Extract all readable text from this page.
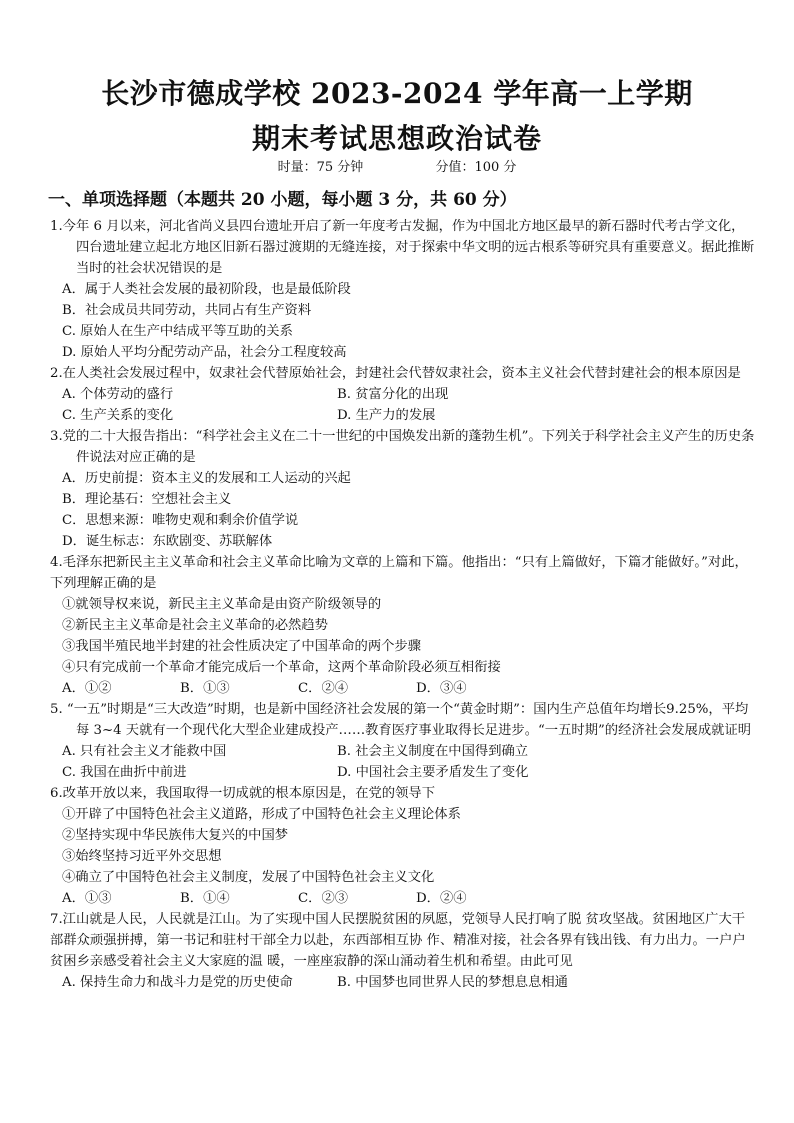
长沙市德成学校 2023-2024 学年高一上学期
期末考试思想政治试卷
时量：75 分钟	分值：100 分
一、单项选择题（本题共 20 小题，每小题 3 分，共 60 分）

1.今年 6 月以来，河北省尚义县四台遗址开启了新一年度考古发掘，作为中国北方地区最早的新石器时代考古学文化，四台遗址建立起北方地区旧新石器过渡期的无缝连接，对于探索中华文明的远古根系等研究具有重要意义。据此推断当时的社会状况错误的是

A．属于人类社会发展的最初阶段，也是最低阶段

B．社会成员共同劳动，共同占有生产资料

C. 原始人在生产中结成平等互助的关系

D. 原始人平均分配劳动产品，社会分工程度较高

2.在人类社会发展过程中，奴隶社会代替原始社会，封建社会代替奴隶社会，资本主义社会代替封建社会的根本原因是

A. 个体劳动的盛行	B. 贫富分化的出现
C. 生产关系的变化	D. 生产力的发展

3.党的二十大报告指出：“科学社会主义在二十一世纪的中国焕发出新的蓬勃生机”。下列关于科学社会主义产生的历史条件说法对应正确的是

A．历史前提：资本主义的发展和工人运动的兴起

B．理论基石：空想社会主义

C．思想来源：唯物史观和剩余价值学说

D．诞生标志：东欧剧变、苏联解体

4.毛泽东把新民主主义革命和社会主义革命比喻为文章的上篇和下篇。他指出：“只有上篇做好，下篇才能做好。”对此，下列理解正确的是

①就领导权来说，新民主主义革命是由资产阶级领导的

②新民主主义革命是社会主义革命的必然趋势

③我国半殖民地半封建的社会性质决定了中国革命的两个步骤

④只有完成前一个革命才能完成后一个革命，这两个革命阶段必须互相衔接

A．①②	B．①③	C．②④	D．③④

5. “一五”时期是“三大改造”时期，也是新中国经济社会发展的第一个“黄金时期”：国内生产总值年均增长9.25%，平均每 3~4 天就有一个现代化大型企业建成投产……教育医疗事业取得长足进步。“一五时期”的经济社会发展成就证明

A. 只有社会主义才能救中国	B. 社会主义制度在中国得到确立
C. 我国在曲折中前进	D. 中国社会主要矛盾发生了变化

6.改革开放以来，我国取得一切成就的根本原因是，在党的领导下

①开辟了中国特色社会主义道路，形成了中国特色社会主义理论体系

②坚持实现中华民族伟大复兴的中国梦

③始终坚持习近平外交思想

④确立了中国特色社会主义制度，发展了中国特色社会主义文化

A．①③	B．①④	C．②③	D．②④

7.江山就是人民，人民就是江山。为了实现中国人民摆脱贫困的夙愿，党领导人民打响了脱 贫攻坚战。贫困地区广大干部群众顽强拼搏，第一书记和驻村干部全力以赴，东西部相互协 作、精准对接，社会各界有钱出钱、有力出力。一户户贫困乡亲感受着社会主义大家庭的温 暖，一座座寂静的深山涌动着生机和希望。由此可见

A. 保持生命力和战斗力是党的历史使命	B. 中国梦也同世界人民的梦想息息相通
